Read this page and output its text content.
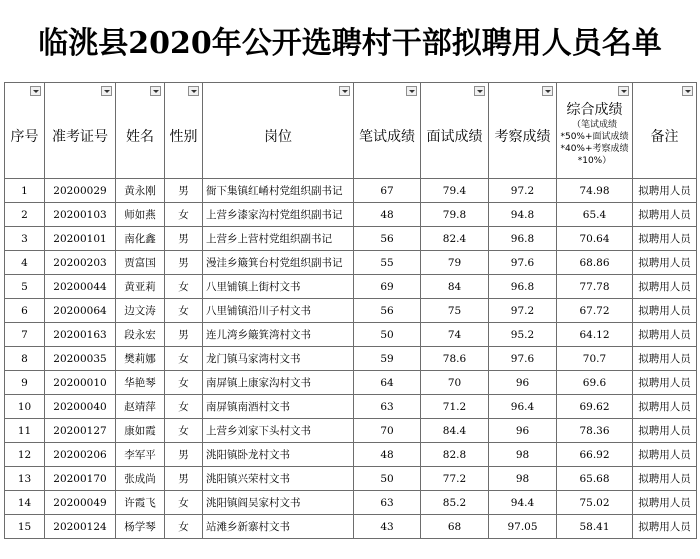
临洮县2020年公开选聘村干部拟聘用人员名单
序号	准考证号	姓名	性别	岗位	笔试成绩	面试成绩	考察成绩	综合成绩
（笔试成绩
*50%+面试成绩
*40%+考察成绩
*10%）	备注

1	20200029	黄永刚	男	衙下集镇红崤村党组织副书记	67	79.4	97.2	74.98	拟聘用人员
2	20200103	师如燕	女	上营乡漆家沟村党组织副书记	48	79.8	94.8	65.4	拟聘用人员
3	20200101	南化鑫	男	上营乡上营村党组织副书记	56	82.4	96.8	70.64	拟聘用人员
4	20200203	贾富国	男	漫洼乡簸箕台村党组织副书记	55	79	97.6	68.86	拟聘用人员
5	20200044	黄亚莉	女	八里铺镇上街村文书	69	84	96.8	77.78	拟聘用人员
6	20200064	边文涛	女	八里铺镇沿川子村文书	56	75	97.2	67.72	拟聘用人员
7	20200163	段永宏	男	连儿湾乡簸箕湾村文书	50	74	95.2	64.12	拟聘用人员
8	20200035	樊莉娜	女	龙门镇马家湾村文书	59	78.6	97.6	70.7	拟聘用人员
9	20200010	华艳琴	女	南屏镇上康家沟村文书	64	70	96	69.6	拟聘用人员
10	20200040	赵靖萍	女	南屏镇南酒村文书	63	71.2	96.4	69.62	拟聘用人员
11	20200127	康如霞	女	上营乡刘家下头村文书	70	84.4	96	78.36	拟聘用人员
12	20200206	李军平	男	洮阳镇卧龙村文书	48	82.8	98	66.92	拟聘用人员
13	20200170	张成尚	男	洮阳镇兴荣村文书	50	77.2	98	65.68	拟聘用人员
14	20200049	许霞飞	女	洮阳镇阎吴家村文书	63	85.2	94.4	75.02	拟聘用人员
15	20200124	杨学琴	女	站滩乡新寨村文书	43	68	97.05	58.41	拟聘用人员
